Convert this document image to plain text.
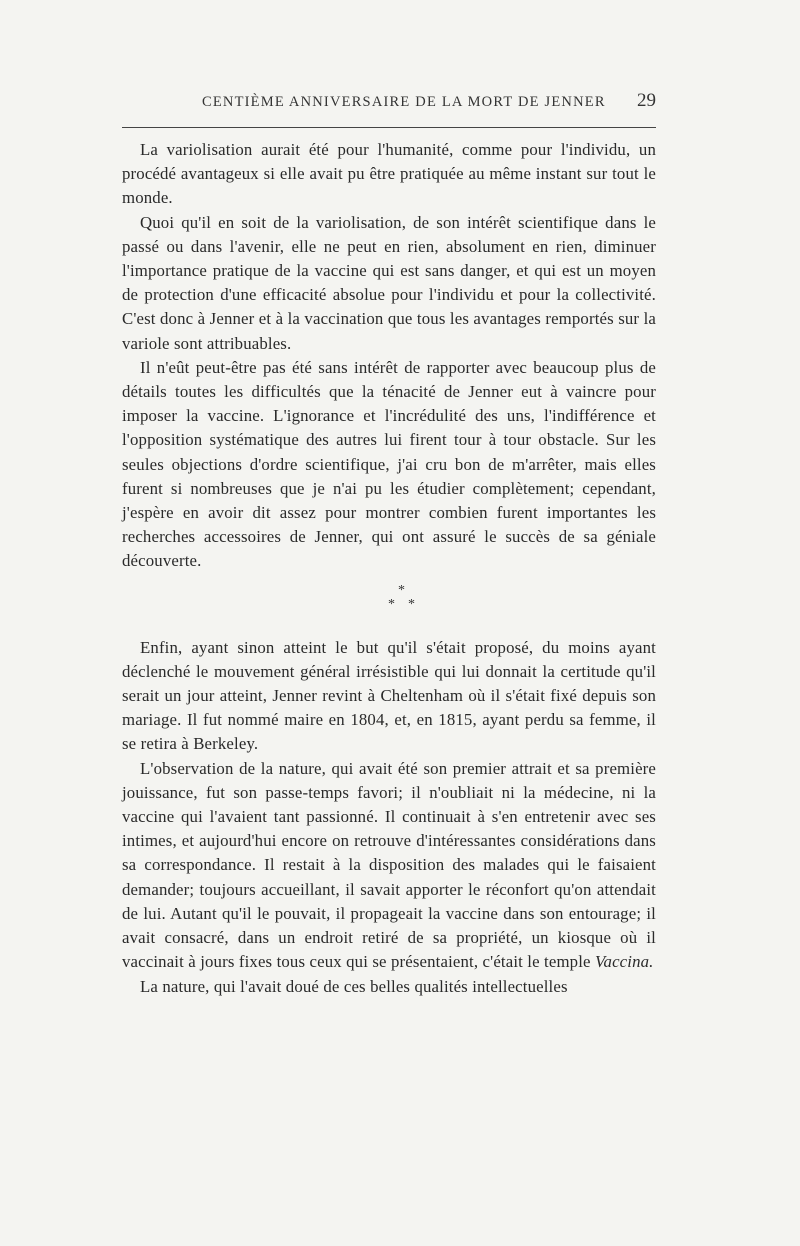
CENTIÈME ANNIVERSAIRE DE LA MORT DE JENNER 29

La variolisation aurait été pour l'humanité, comme pour l'individu, un procédé avantageux si elle avait pu être pratiquée au même instant sur tout le monde.

Quoi qu'il en soit de la variolisation, de son intérêt scientifique dans le passé ou dans l'avenir, elle ne peut en rien, absolument en rien, diminuer l'importance pratique de la vaccine qui est sans danger, et qui est un moyen de protection d'une efficacité absolue pour l'individu et pour la collectivité. C'est donc à Jenner et à la vaccination que tous les avantages remportés sur la variole sont attribuables.

Il n'eût peut-être pas été sans intérêt de rapporter avec beaucoup plus de détails toutes les difficultés que la ténacité de Jenner eut à vaincre pour imposer la vaccine. L'ignorance et l'incrédulité des uns, l'indifférence et l'opposition systématique des autres lui firent tour à tour obstacle. Sur les seules objections d'ordre scientifique, j'ai cru bon de m'arrêter, mais elles furent si nombreuses que je n'ai pu les étudier complètement; cependant, j'espère en avoir dit assez pour montrer combien furent importantes les recherches accessoires de Jenner, qui ont assuré le succès de sa géniale découverte.

*
* *

Enfin, ayant sinon atteint le but qu'il s'était proposé, du moins ayant déclenché le mouvement général irrésistible qui lui donnait la certitude qu'il serait un jour atteint, Jenner revint à Cheltenham où il s'était fixé depuis son mariage. Il fut nommé maire en 1804, et, en 1815, ayant perdu sa femme, il se retira à Berkeley.

L'observation de la nature, qui avait été son premier attrait et sa première jouissance, fut son passe-temps favori; il n'oubliait ni la médecine, ni la vaccine qui l'avaient tant passionné. Il continuait à s'en entretenir avec ses intimes, et aujourd'hui encore on retrouve d'intéressantes considérations dans sa correspondance. Il restait à la disposition des malades qui le faisaient demander; toujours accueillant, il savait apporter le réconfort qu'on attendait de lui. Autant qu'il le pouvait, il propageait la vaccine dans son entourage; il avait consacré, dans un endroit retiré de sa propriété, un kiosque où il vaccinait à jours fixes tous ceux qui se présentaient, c'était le temple Vaccina.

La nature, qui l'avait doué de ces belles qualités intellectuelles
